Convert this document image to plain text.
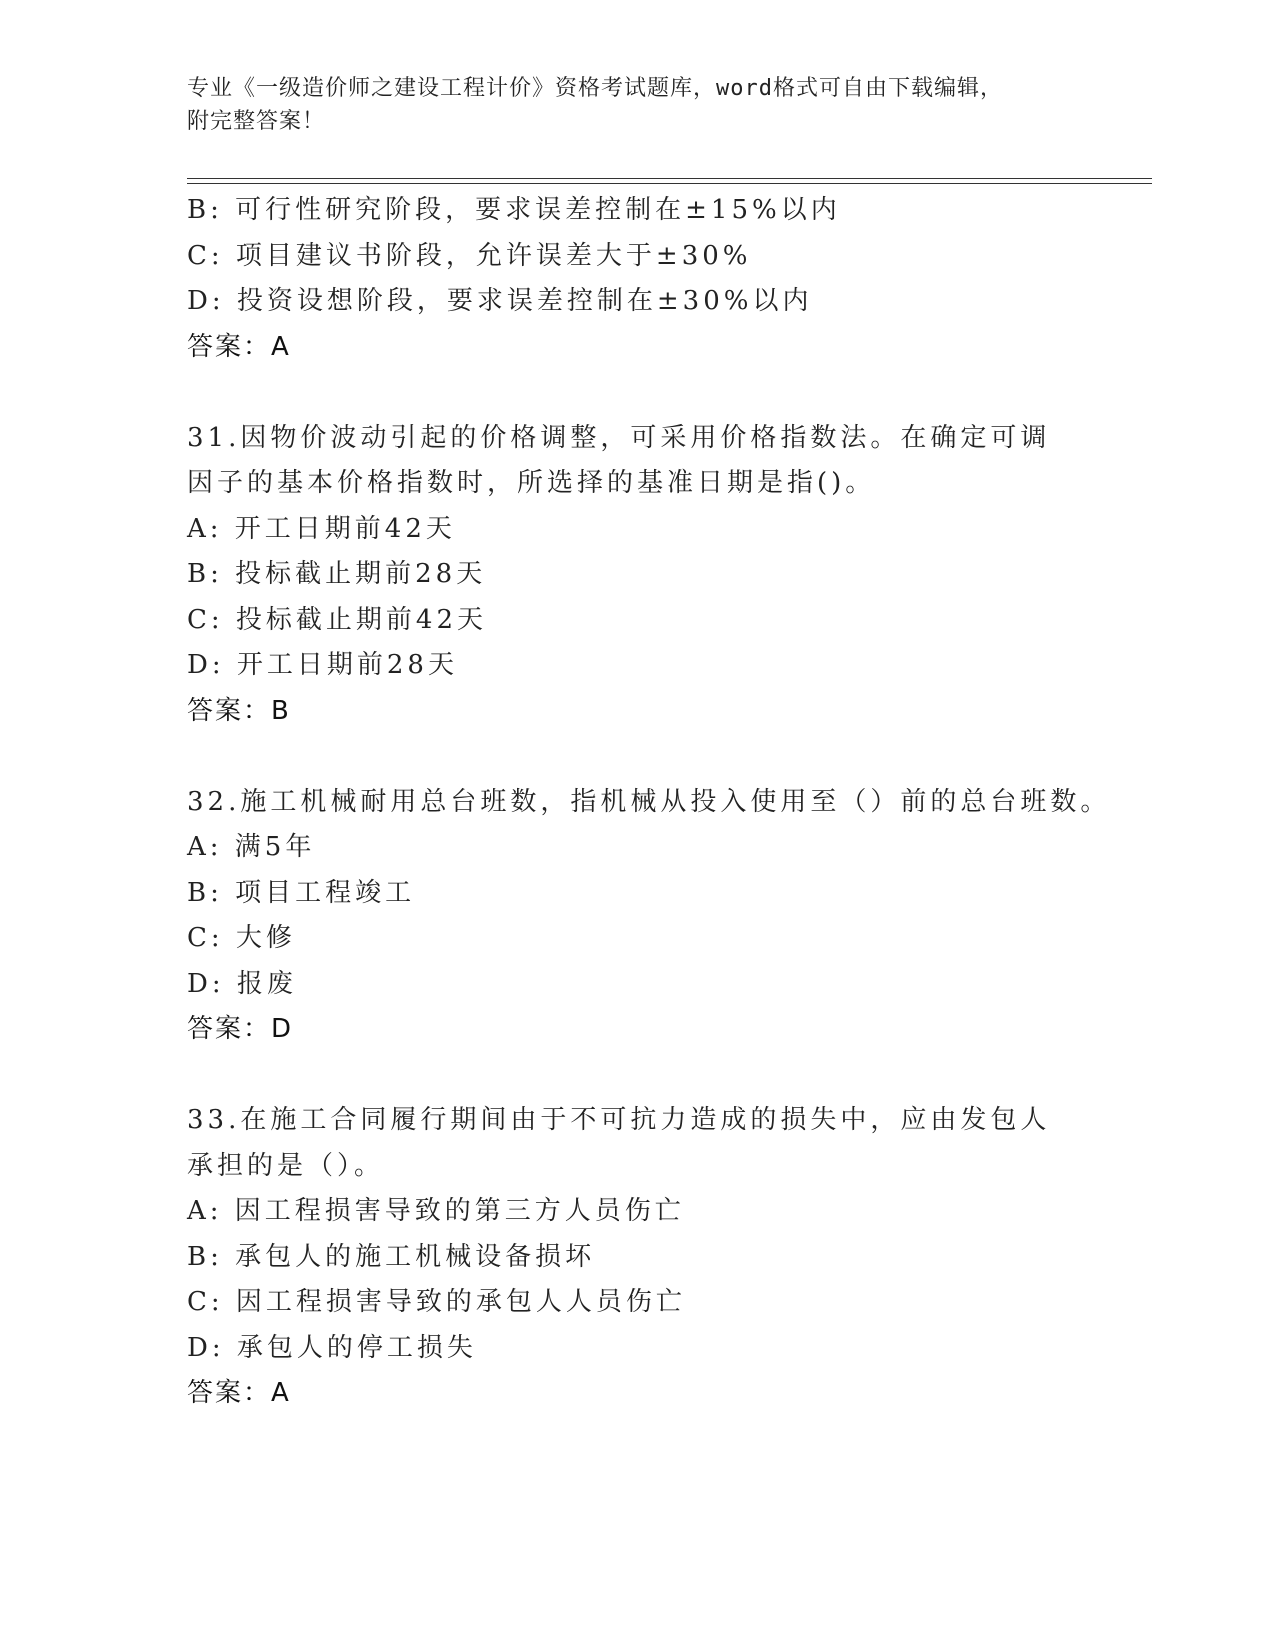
专业《一级造价师之建设工程计价》资格考试题库，word格式可自由下载编辑，
附完整答案！
B: 可行性研究阶段，要求误差控制在±15%以内
C: 项目建议书阶段，允许误差大于±30%
D: 投资设想阶段，要求误差控制在±30%以内
答案：A
31.因物价波动引起的价格调整，可采用价格指数法。在确定可调因子的基本价格指数时，所选择的基准日期是指()。
A: 开工日期前42天
B: 投标截止期前28天
C: 投标截止期前42天
D: 开工日期前28天
答案：B
32.施工机械耐用总台班数，指机械从投入使用至（）前的总台班数。
A: 满5年
B: 项目工程竣工
C: 大修
D: 报废
答案：D
33.在施工合同履行期间由于不可抗力造成的损失中，应由发包人承担的是（）。
A: 因工程损害导致的第三方人员伤亡
B: 承包人的施工机械设备损坏
C: 因工程损害导致的承包人人员伤亡
D: 承包人的停工损失
答案：A
